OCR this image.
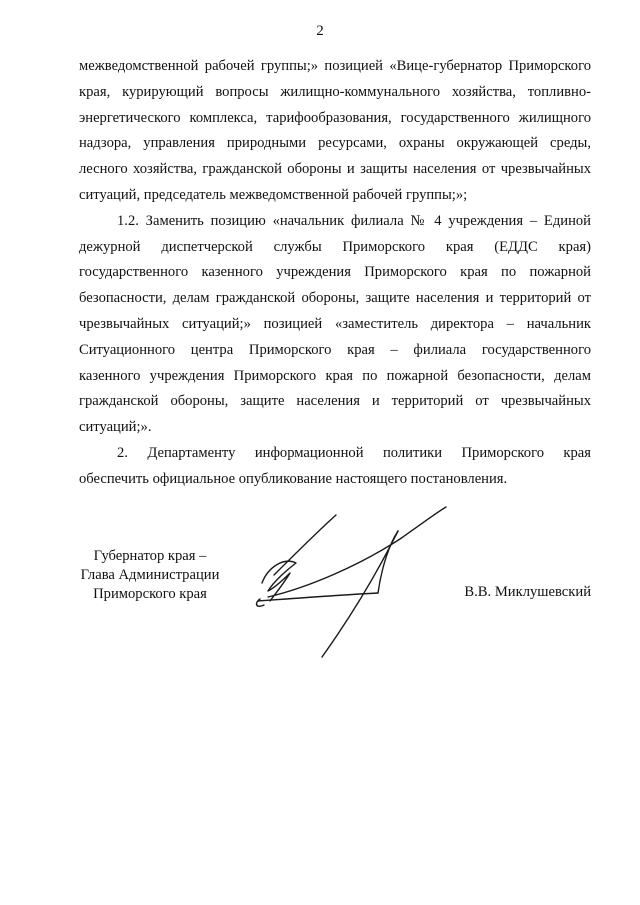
2
межведомственной рабочей группы;» позицией «Вице-губернатор Приморского
края, курирующий вопросы жилищно-коммунального хозяйства, топливно-
энергетического комплекса, тарифообразования, государственного жилищного
надзора, управления природными ресурсами, охраны окружающей среды,
лесного хозяйства, гражданской обороны и защиты населения от чрезвычайных
ситуаций, председатель межведомственной рабочей группы;»;
1.2. Заменить позицию «начальник филиала № 4 учреждения – Единой
дежурной диспетчерской службы Приморского края (ЕДДС края)
государственного казенного учреждения Приморского края по пожарной
безопасности, делам гражданской обороны, защите населения и территорий от
чрезвычайных ситуаций;» позицией «заместитель директора – начальник
Ситуационного центра Приморского края – филиала государственного
казенного учреждения Приморского края по пожарной безопасности, делам
гражданской обороны, защите населения и территорий от чрезвычайных
ситуаций;».
2. Департаменту информационной политики Приморского края
обеспечить официальное опубликование настоящего постановления.
Губернатор края –
Глава Администрации
Приморского края	В.В. Миклушевский
